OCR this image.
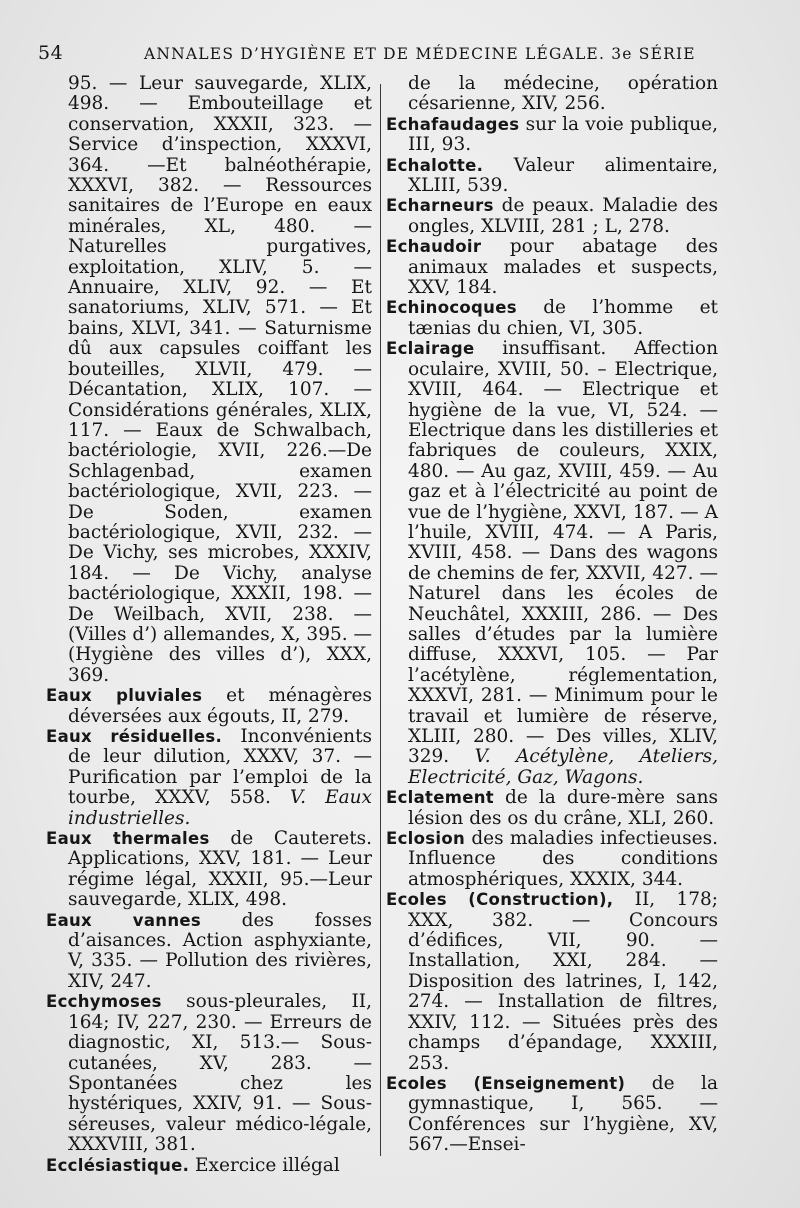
54	ANNALES D’HYGIÈNE ET DE MÉDECINE LÉGALE. 3e SÉRIE

95. — Leur sauvegarde, XLIX, 498. — Embouteillage et conservation, XXXII, 323. — Service d’inspection, XXXVI, 364. —Et balnéothérapie, XXXVI, 382. — Ressources sanitaires de l’Europe en eaux minérales, XL, 480. — Naturelles purgatives, exploitation, XLIV, 5. — Annuaire, XLIV, 92. — Et sanatoriums, XLIV, 571. — Et bains, XLVI, 341. — Saturnisme dû aux capsules coiffant les bouteilles, XLVII, 479. — Décantation, XLIX, 107. — Considérations générales, XLIX, 117. — Eaux de Schwalbach, bactériologie, XVII, 226.—De Schlagenbad, examen bactériologique, XVII, 223. — De Soden, examen bactériologique, XVII, 232. — De Vichy, ses microbes, XXXIV, 184. — De Vichy, analyse bactériologique, XXXII, 198. — De Weilbach, XVII, 238. — (Villes d’) allemandes, X, 395. — (Hygiène des villes d’), XXX, 369.

Eaux pluviales et ménagères déversées aux égouts, II, 279.

Eaux résiduelles. Inconvénients de leur dilution, XXXV, 37. — Purification par l’emploi de la tourbe, XXXV, 558. V. Eaux industrielles.

Eaux thermales de Cauterets. Applications, XXV, 181. — Leur régime légal, XXXII, 95.—Leur sauvegarde, XLIX, 498.

Eaux vannes des fosses d’aisances. Action asphyxiante, V, 335. — Pollution des rivières, XIV, 247.

Ecchymoses sous-pleurales, II, 164; IV, 227, 230. — Erreurs de diagnostic, XI, 513.— Sous-cutanées, XV, 283. — Spontanées chez les hystériques, XXIV, 91. — Sous-séreuses, valeur médico-légale, XXXVIII, 381.

Ecclésiastique. Exercice illégal

de la médecine, opération césarienne, XIV, 256.

Echafaudages sur la voie publique, III, 93.

Echalotte. Valeur alimentaire, XLIII, 539.

Echarneurs de peaux. Maladie des ongles, XLVIII, 281 ; L, 278.

Echaudoir pour abatage des animaux malades et suspects, XXV, 184.

Echinocoques de l’homme et tænias du chien, VI, 305.

Eclairage insuffisant. Affection oculaire, XVIII, 50. – Electrique, XVIII, 464. — Electrique et hygiène de la vue, VI, 524. — Electrique dans les distilleries et fabriques de couleurs, XXIX, 480. — Au gaz, XVIII, 459. — Au gaz et à l’électricité au point de vue de l’hygiène, XXVI, 187. — A l’huile, XVIII, 474. — A Paris, XVIII, 458. — Dans des wagons de chemins de fer, XXVII, 427. — Naturel dans les écoles de Neuchâtel, XXXIII, 286. — Des salles d’études par la lumière diffuse, XXXVI, 105. — Par l’acétylène, réglementation, XXXVI, 281. — Minimum pour le travail et lumière de réserve, XLIII, 280. — Des villes, XLIV, 329. V. Acétylène, Ateliers, Electricité, Gaz, Wagons.

Eclatement de la dure-mère sans lésion des os du crâne, XLI, 260.

Eclosion des maladies infectieuses. Influence des conditions atmosphériques, XXXIX, 344.

Ecoles (Construction), II, 178; XXX, 382. — Concours d’édifices, VII, 90. — Installation, XXI, 284. — Disposition des latrines, I, 142, 274. — Installation de filtres, XXIV, 112. — Situées près des champs d’épandage, XXXIII, 253.

Ecoles (Enseignement) de la gymnastique, I, 565. — Conférences sur l’hygiène, XV, 567.—Ensei-
